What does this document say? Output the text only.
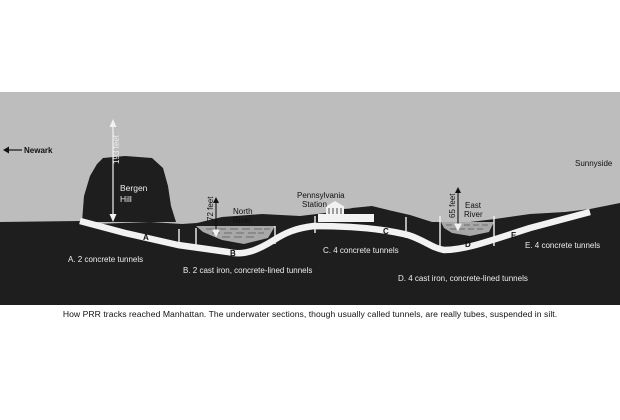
Newark
Sunnyside
Bergen
Hill
193 feet
72 feet	65 feet
North
River
East
River
Pennsylvania
Station
A
B
C
D
E
A. 2 concrete tunnels
B. 2 cast iron, concrete-lined tunnels
C. 4 concrete tunnels
D. 4 cast iron, concrete-lined tunnels
E. 4 concrete tunnels
How PRR tracks reached Manhattan. The underwater sections, though usually called tunnels, are really tubes, suspended in silt.
